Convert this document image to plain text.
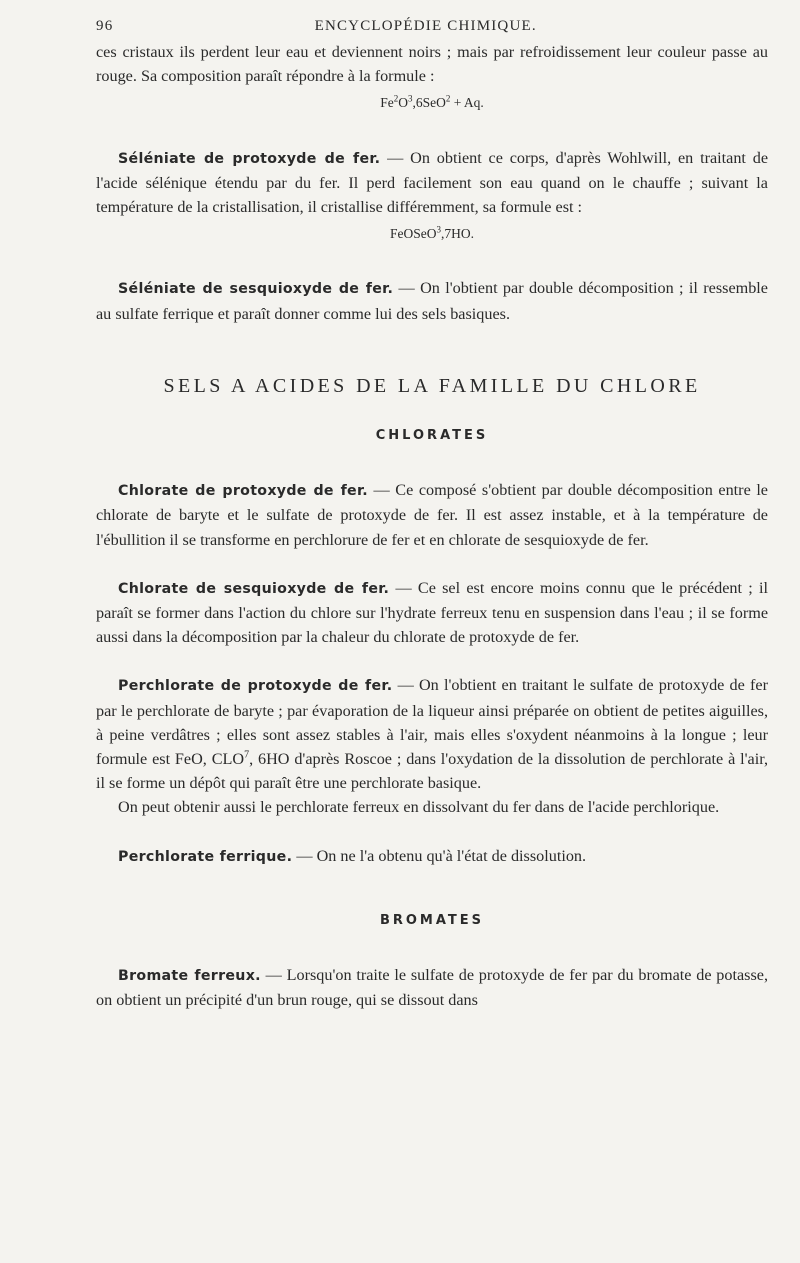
96	ENCYCLOPÉDIE CHIMIQUE.

ces cristaux ils perdent leur eau et deviennent noirs ; mais par refroidissement leur couleur passe au rouge. Sa composition paraît répondre à la formule :

$Fe^2O^3,6SeO^2 + Aq$.

Séléniate de protoxyde de fer. — On obtient ce corps, d'après Wohlwill, en traitant de l'acide sélénique étendu par du fer. Il perd facilement son eau quand on le chauffe ; suivant la température de la cristallisation, il cristallise différemment, sa formule est :

FeOSeO$^3$,7HO.

Séléniate de sesquioxyde de fer. — On l'obtient par double décomposition ; il ressemble au sulfate ferrique et paraît donner comme lui des sels basiques.

SELS A ACIDES DE LA FAMILLE DU CHLORE
CHLORATES

Chlorate de protoxyde de fer. — Ce composé s'obtient par double décomposition entre le chlorate de baryte et le sulfate de protoxyde de fer. Il est assez instable, et à la température de l'ébullition il se transforme en perchlorure de fer et en chlorate de sesquioxyde de fer.

Chlorate de sesquioxyde de fer. — Ce sel est encore moins connu que le précédent ; il paraît se former dans l'action du chlore sur l'hydrate ferreux tenu en suspension dans l'eau ; il se forme aussi dans la décomposition par la chaleur du chlorate de protoxyde de fer.

Perchlorate de protoxyde de fer. — On l'obtient en traitant le sulfate de protoxyde de fer par le perchlorate de baryte ; par évaporation de la liqueur ainsi préparée on obtient de petites aiguilles, à peine verdâtres ; elles sont assez stables à l'air, mais elles s'oxydent néanmoins à la longue ; leur formule est FeO, CLO$^7$, 6HO d'après Roscoe ; dans l'oxydation de la dissolution de perchlorate à l'air, il se forme un dépôt qui paraît être une perchlorate basique.

On peut obtenir aussi le perchlorate ferreux en dissolvant du fer dans de l'acide perchlorique.

Perchlorate ferrique. — On ne l'a obtenu qu'à l'état de dissolution.

BROMATES

Bromate ferreux. — Lorsqu'on traite le sulfate de protoxyde de fer par du bromate de potasse, on obtient un précipité d'un brun rouge, qui se dissout dans
